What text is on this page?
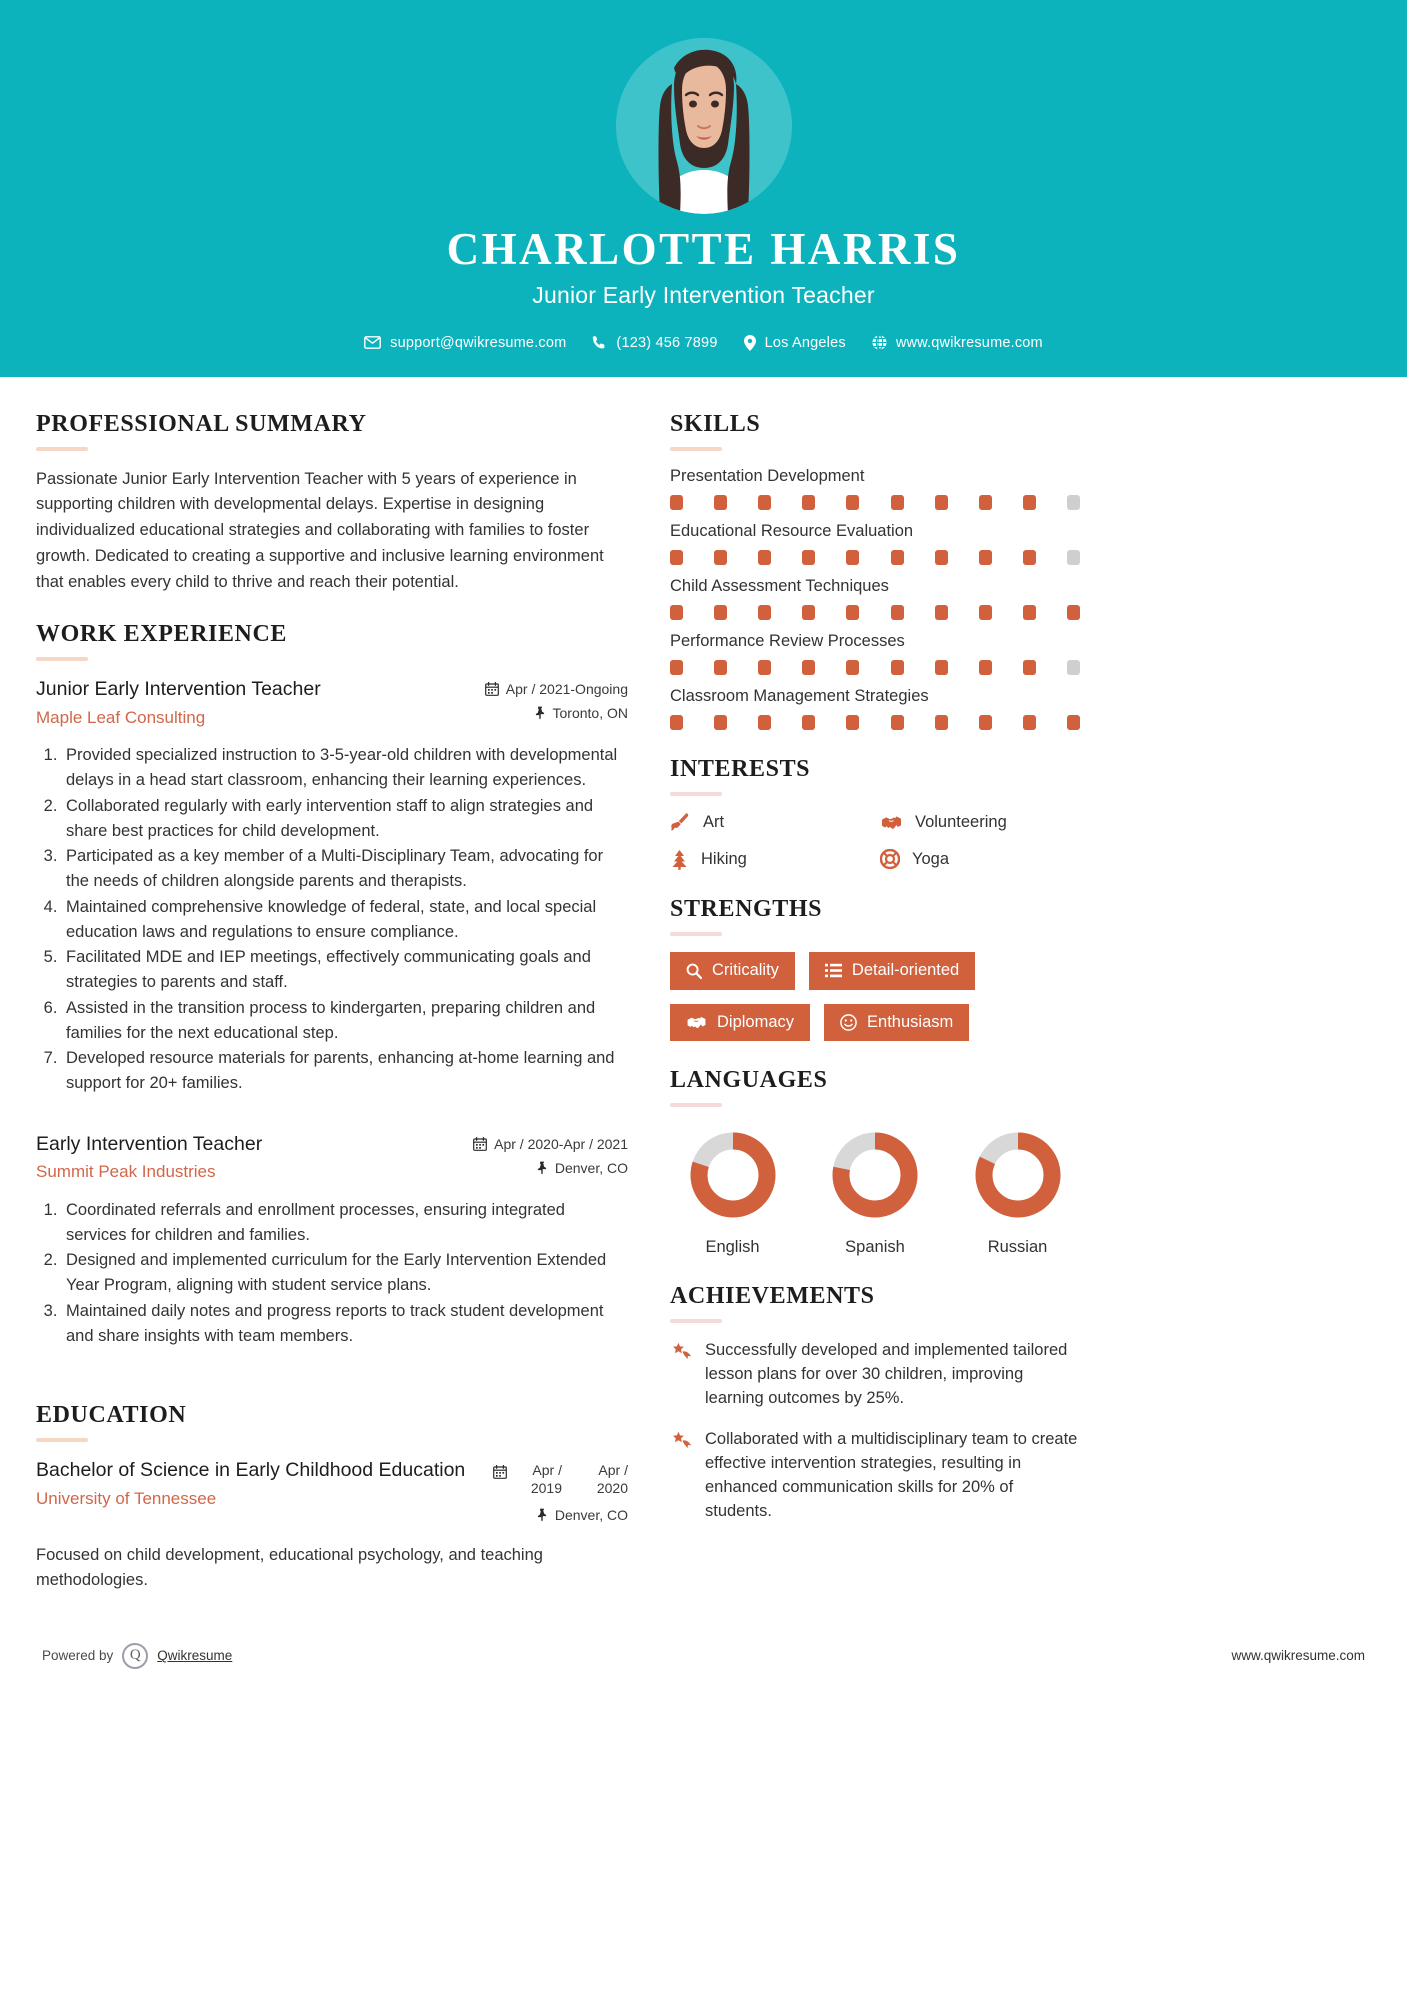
CHARLOTTE HARRIS
Junior Early Intervention Teacher
support@qwikresume.com	(123) 456 7899	Los Angeles	www.qwikresume.com
PROFESSIONAL SUMMARY
Passionate Junior Early Intervention Teacher with 5 years of experience in supporting children with developmental delays. Expertise in designing individualized educational strategies and collaborating with families to foster growth. Dedicated to creating a supportive and inclusive learning environment that enables every child to thrive and reach their potential.
WORK EXPERIENCE
Junior Early Intervention Teacher
Maple Leaf Consulting
Apr / 2021-Ongoing
Toronto, ON
1. Provided specialized instruction to 3-5-year-old children with developmental delays in a head start classroom, enhancing their learning experiences.
2. Collaborated regularly with early intervention staff to align strategies and share best practices for child development.
3. Participated as a key member of a Multi-Disciplinary Team, advocating for the needs of children alongside parents and therapists.
4. Maintained comprehensive knowledge of federal, state, and local special education laws and regulations to ensure compliance.
5. Facilitated MDE and IEP meetings, effectively communicating goals and strategies to parents and staff.
6. Assisted in the transition process to kindergarten, preparing children and families for the next educational step.
7. Developed resource materials for parents, enhancing at-home learning and support for 20+ families.
Early Intervention Teacher
Summit Peak Industries
Apr / 2020-Apr / 2021
Denver, CO
1. Coordinated referrals and enrollment processes, ensuring integrated services for children and families.
2. Designed and implemented curriculum for the Early Intervention Extended Year Program, aligning with student service plans.
3. Maintained daily notes and progress reports to track student development and share insights with team members.
EDUCATION
Bachelor of Science in Early Childhood Education
University of Tennessee
Apr / 2019
Apr / 2020
Denver, CO
Focused on child development, educational psychology, and teaching methodologies.
SKILLS
Presentation Development
Educational Resource Evaluation
Child Assessment Techniques
Performance Review Processes
Classroom Management Strategies
INTERESTS
Art	Volunteering
Hiking	Yoga
STRENGTHS
Criticality	Detail-oriented
Diplomacy	Enthusiasm
LANGUAGES
English	Spanish	Russian
ACHIEVEMENTS
Successfully developed and implemented tailored lesson plans for over 30 children, improving learning outcomes by 25%.
Collaborated with a multidisciplinary team to create effective intervention strategies, resulting in enhanced communication skills for 20% of students.
Powered by	Q	Qwikresume	www.qwikresume.com
